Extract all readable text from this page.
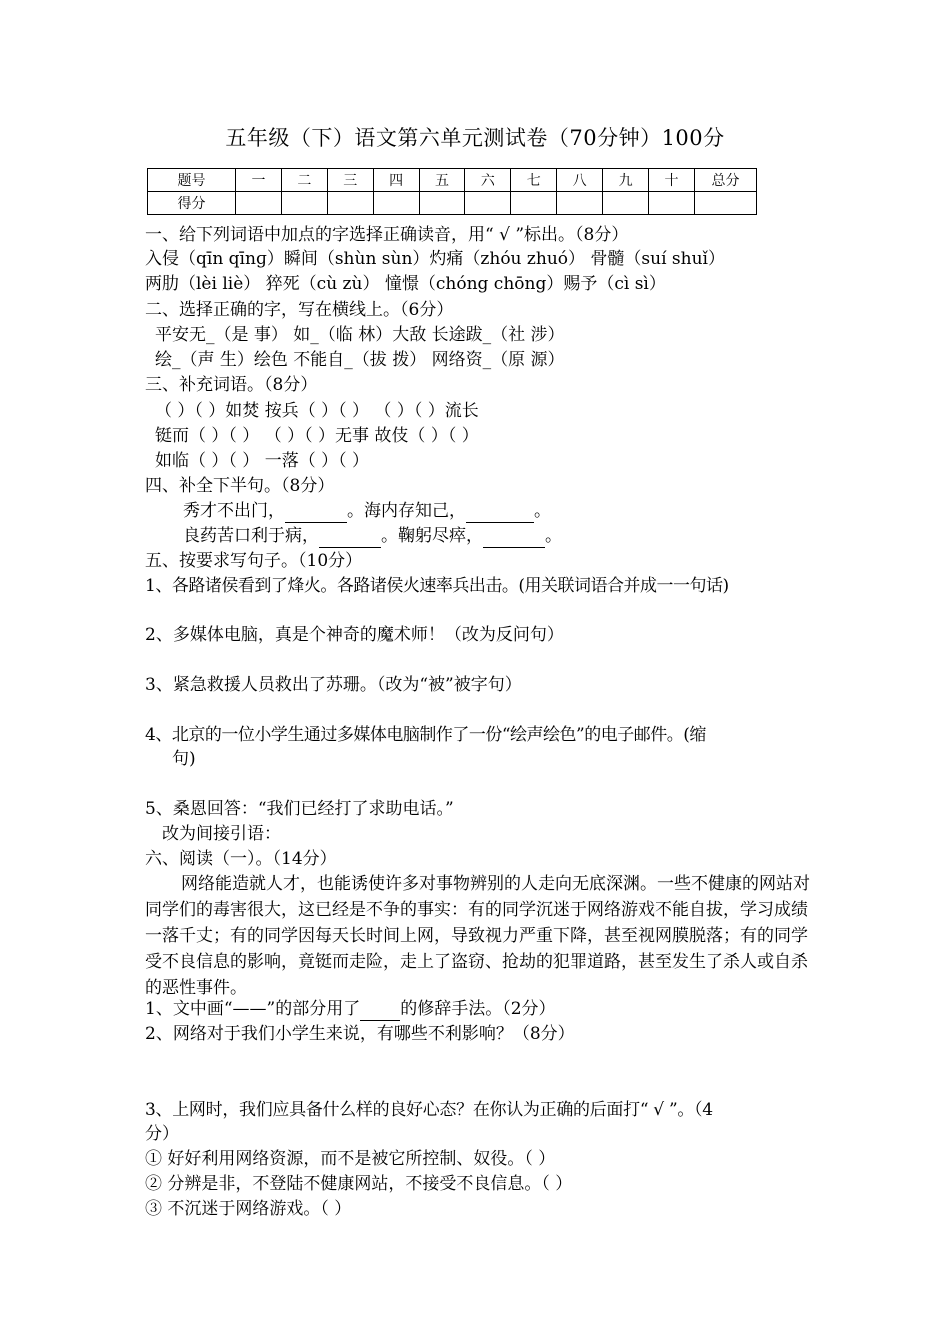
五年级（下）语文第六单元测试卷（70分钟）100分
题号	一	二	三	四	五	六	七	八	九	十	总分
得分											
一、给下列词语中加点的字选择正确读音，用“ √ ”标出。（8分）
入侵（qīn qīnɡ）瞬间（shùn sùn）灼痛（zhóu zhuó） 骨髓（suí shuǐ）
两肋（lèi liè） 猝死（cù zù） 憧憬（chóng chōng）赐予（cì sì）
二、选择正确的字，写在横线上。（6分）
平安无_（是 事） 如_（临 林）大敌 长途跋_（社 涉）
绘_（声 生）绘色 不能自_（拔 拨） 网络资_（原 源）
三、补充词语。（8分）
（ ）（ ）如焚 按兵（ ）（ ） （ ）（ ）流长
铤而（ ）（ ） （ ）（ ）无事 故伎（ ）（ ）
如临（ ）（ ） 一落（ ）（ ）
四、补全下半句。（8分）
秀才不出门，	。海内存知己，	。
良药苦口利于病，	。鞠躬尽瘁，	。
五、按要求写句子。（10分）
1、各路诸侯看到了烽火。各路诸侯火速率兵出击。(用关联词语合并成一一句话)
2、多媒体电脑，真是个神奇的魔术师！（改为反问句）
3、紧急救援人员救出了苏珊。（改为“被”被字句）
4、北京的一位小学生通过多媒体电脑制作了一份“绘声绘色”的电子邮件。(缩
句)
5、桑恩回答：“我们已经打了求助电话。”
改为间接引语：
六、阅读（一）。（14分）

网络能造就人才，也能诱使许多对事物辨别的人走向无底深渊。一些不健康的网站对同学们的毒害很大，这已经是不争的事实：有的同学沉迷于网络游戏不能自拔，学习成绩一落千丈；有的同学因每天长时间上网，导致视力严重下降，甚至视网膜脱落；有的同学受不良信息的影响，竟铤而走险，走上了盗窃、抢劫的犯罪道路，甚至发生了杀人或自杀的恶性事件。

1、文中画“——”的部分用了 的修辞手法。（2分）
2、网络对于我们小学生来说，有哪些不利影响？（8分）
3、上网时，我们应具备什么样的良好心态？在你认为正确的后面打“ √ ”。（4
分）
① 好好利用网络资源，而不是被它所控制、奴役。（ ）
② 分辨是非，不登陆不健康网站，不接受不良信息。（ ）
③ 不沉迷于网络游戏。（ ）
